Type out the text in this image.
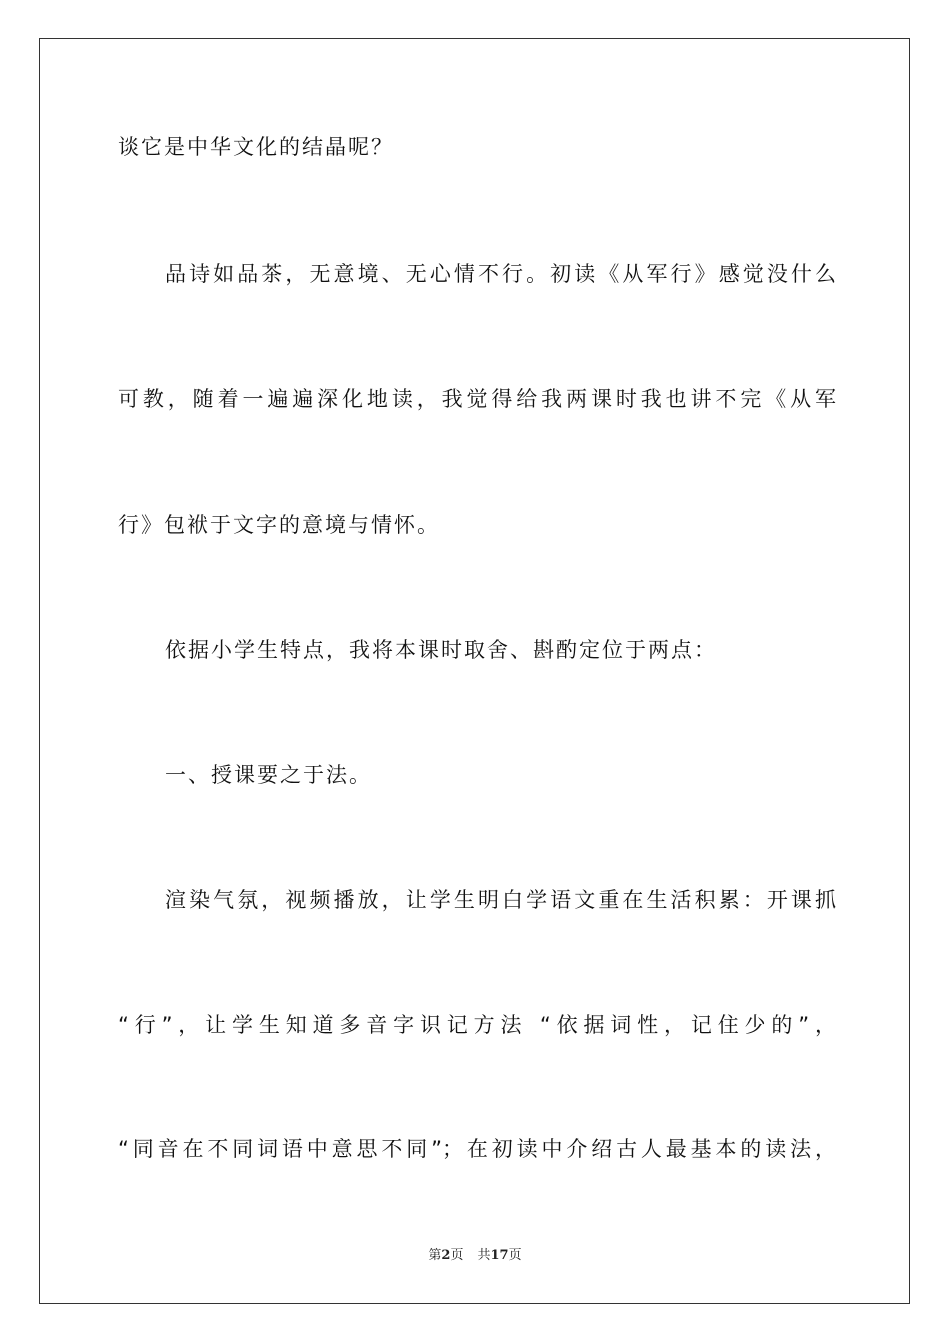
谈它是中华文化的结晶呢？
品诗如品茶，无意境、无心情不行。初读《从军行》感觉没什么
可教，随着一遍遍深化地读，我觉得给我两课时我也讲不完《从军
行》包袱于文字的意境与情怀。
依据小学生特点，我将本课时取舍、斟酌定位于两点：
一、授课要之于法。
渲染气氛，视频播放，让学生明白学语文重在生活积累：开课抓
“行”，让学生知道多音字识记方法 “依据词性，记住少的”，
“同音在不同词语中意思不同”；在初读中介绍古人最基本的读法，
第2页 共17页
